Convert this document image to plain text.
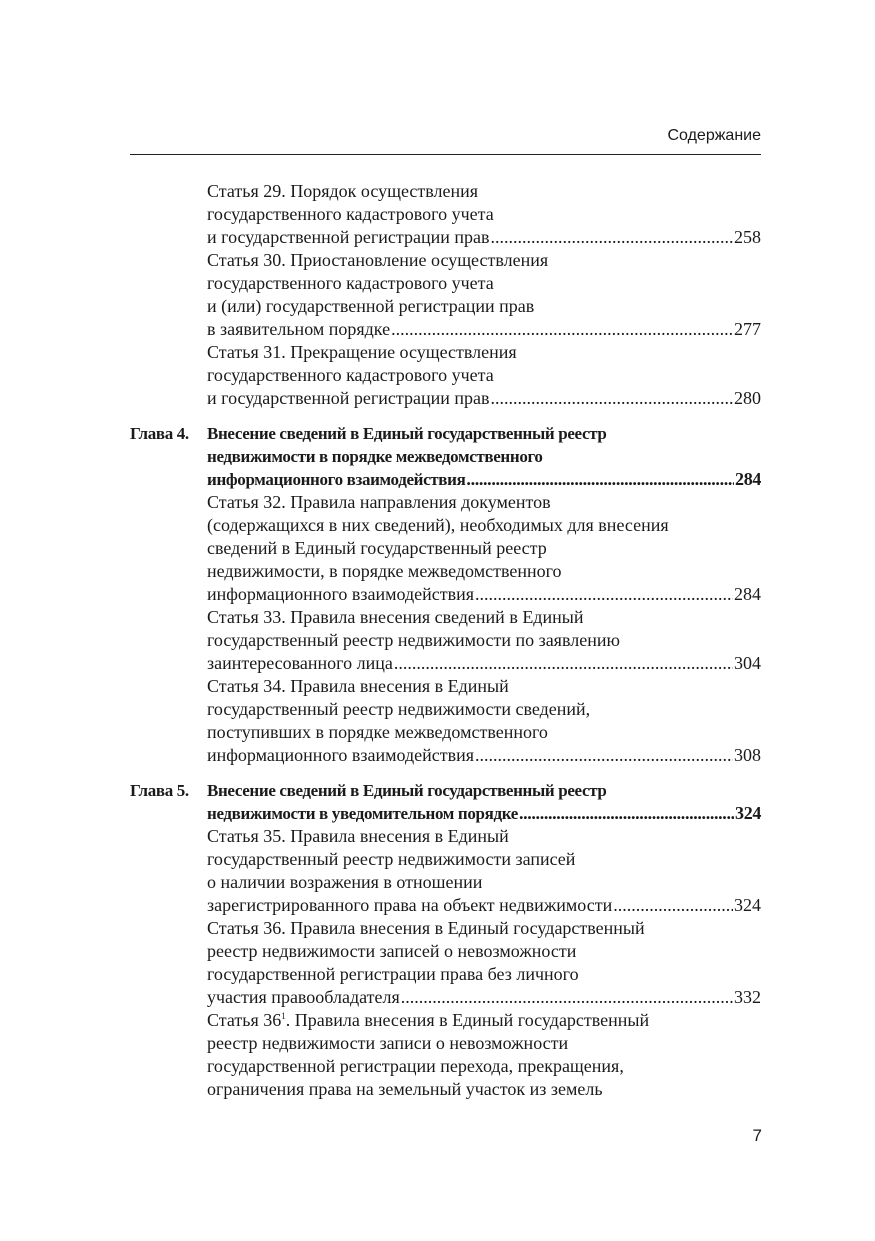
Содержание
Статья 29. Порядок осуществления
государственного кадастрового учета
и государственной регистрации прав .....	258
Статья 30. Приостановление осуществления
государственного кадастрового учета
и (или) государственной регистрации прав
в заявительном порядке .....	277
Статья 31. Прекращение осуществления
государственного кадастрового учета
и государственной регистрации прав .....	280
Глава 4.	Внесение сведений в Единый государственный реестр
недвижимости в порядке межведомственного
информационного взаимодействия .....	284
Статья 32. Правила направления документов
(содержащихся в них сведений), необходимых для внесения
сведений в Единый государственный реестр
недвижимости, в порядке межведомственного
информационного взаимодействия .....	284
Статья 33. Правила внесения сведений в Единый
государственный реестр недвижимости по заявлению
заинтересованного лица .....	304
Статья 34. Правила внесения в Единый
государственный реестр недвижимости сведений,
поступивших в порядке межведомственного
информационного взаимодействия .....	308
Глава 5.	Внесение сведений в Единый государственный реестр
недвижимости в уведомительном порядке .....	324
Статья 35. Правила внесения в Единый
государственный реестр недвижимости записей
о наличии возражения в отношении
зарегистрированного права на объект недвижимости .....	324
Статья 36. Правила внесения в Единый государственный
реестр недвижимости записей о невозможности
государственной регистрации права без личного
участия правообладателя .....	332
Статья $36^1$. Правила внесения в Единый государственный
реестр недвижимости записи о невозможности
государственной регистрации перехода, прекращения,
ограничения права на земельный участок из земель
7
